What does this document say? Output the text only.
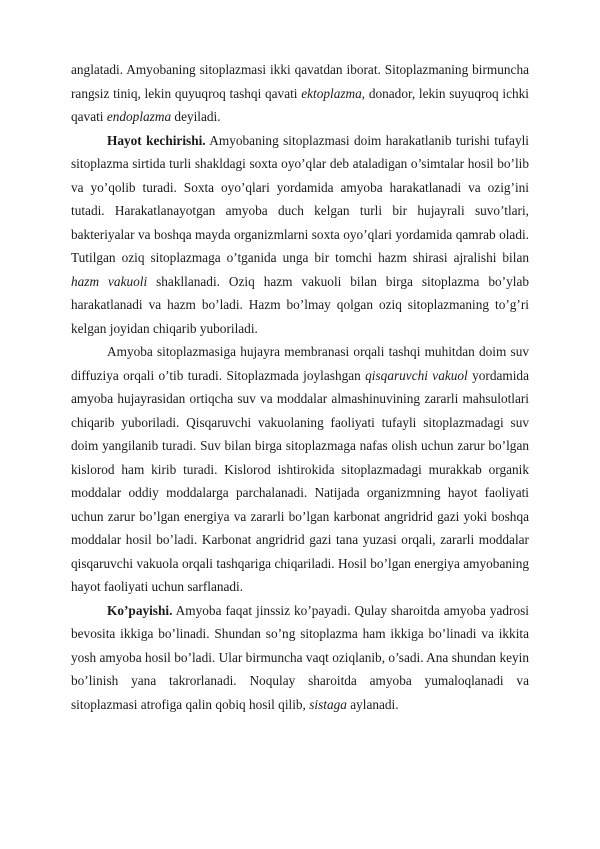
anglatadi. Amyobaning sitoplazmasi ikki qavatdan iborat. Sitoplazmaning birmuncha rangsiz tiniq, lekin quyuqroq tashqi qavati ektoplazma, donador, lekin suyuqroq ichki qavati endoplazma deyiladi.

Hayot kechirishi. Amyobaning sitoplazmasi doim harakatlanib turishi tufayli sitoplazma sirtida turli shakldagi soxta oyo’qlar deb ataladigan o’simtalar hosil bo’lib va yo’qolib turadi. Soxta oyo’qlari yordamida amyoba harakatlanadi va ozig’ini tutadi. Harakatlanayotgan amyoba duch kelgan turli bir hujayrali suvo’tlari, bakteriyalar va boshqa mayda organizmlarni soxta oyo’qlari yordamida qamrab oladi. Tutilgan oziq sitoplazmaga o’tganida unga bir tomchi hazm shirasi ajralishi bilan hazm vakuoli shakllanadi. Oziq hazm vakuoli bilan birga sitoplazma bo’ylab harakatlanadi va hazm bo’ladi. Hazm bo’lmay qolgan oziq sitoplazmaning to’g’ri kelgan joyidan chiqarib yuboriladi.

Amyoba sitoplazmasiga hujayra membranasi orqali tashqi muhitdan doim suv diffuziya orqali o’tib turadi. Sitoplazmada joylashgan qisqaruvchi vakuol yordamida amyoba hujayrasidan ortiqcha suv va moddalar almashinuvining zararli mahsulotlari chiqarib yuboriladi. Qisqaruvchi vakuolaning faoliyati tufayli sitoplazmadagi suv doim yangilanib turadi. Suv bilan birga sitoplazmaga nafas olish uchun zarur bo’lgan kislorod ham kirib turadi. Kislorod ishtirokida sitoplazmadagi murakkab organik moddalar oddiy moddalarga parchalanadi. Natijada organizmning hayot faoliyati uchun zarur bo’lgan energiya va zararli bo’lgan karbonat angridrid gazi yoki boshqa moddalar hosil bo’ladi. Karbonat angridrid gazi tana yuzasi orqali, zararli moddalar qisqaruvchi vakuola orqali tashqariga chiqariladi. Hosil bo’lgan energiya amyobaning hayot faoliyati uchun sarflanadi.

Ko’payishi. Amyoba faqat jinssiz ko’payadi. Qulay sharoitda amyoba yadrosi bevosita ikkiga bo’linadi. Shundan so’ng sitoplazma ham ikkiga bo’linadi va ikkita yosh amyoba hosil bo’ladi. Ular birmuncha vaqt oziqlanib, o’sadi. Ana shundan keyin bo’linish yana takrorlanadi. Noqulay sharoitda amyoba yumaloqlanadi va sitoplazmasi atrofiga qalin qobiq hosil qilib, sistaga aylanadi.
